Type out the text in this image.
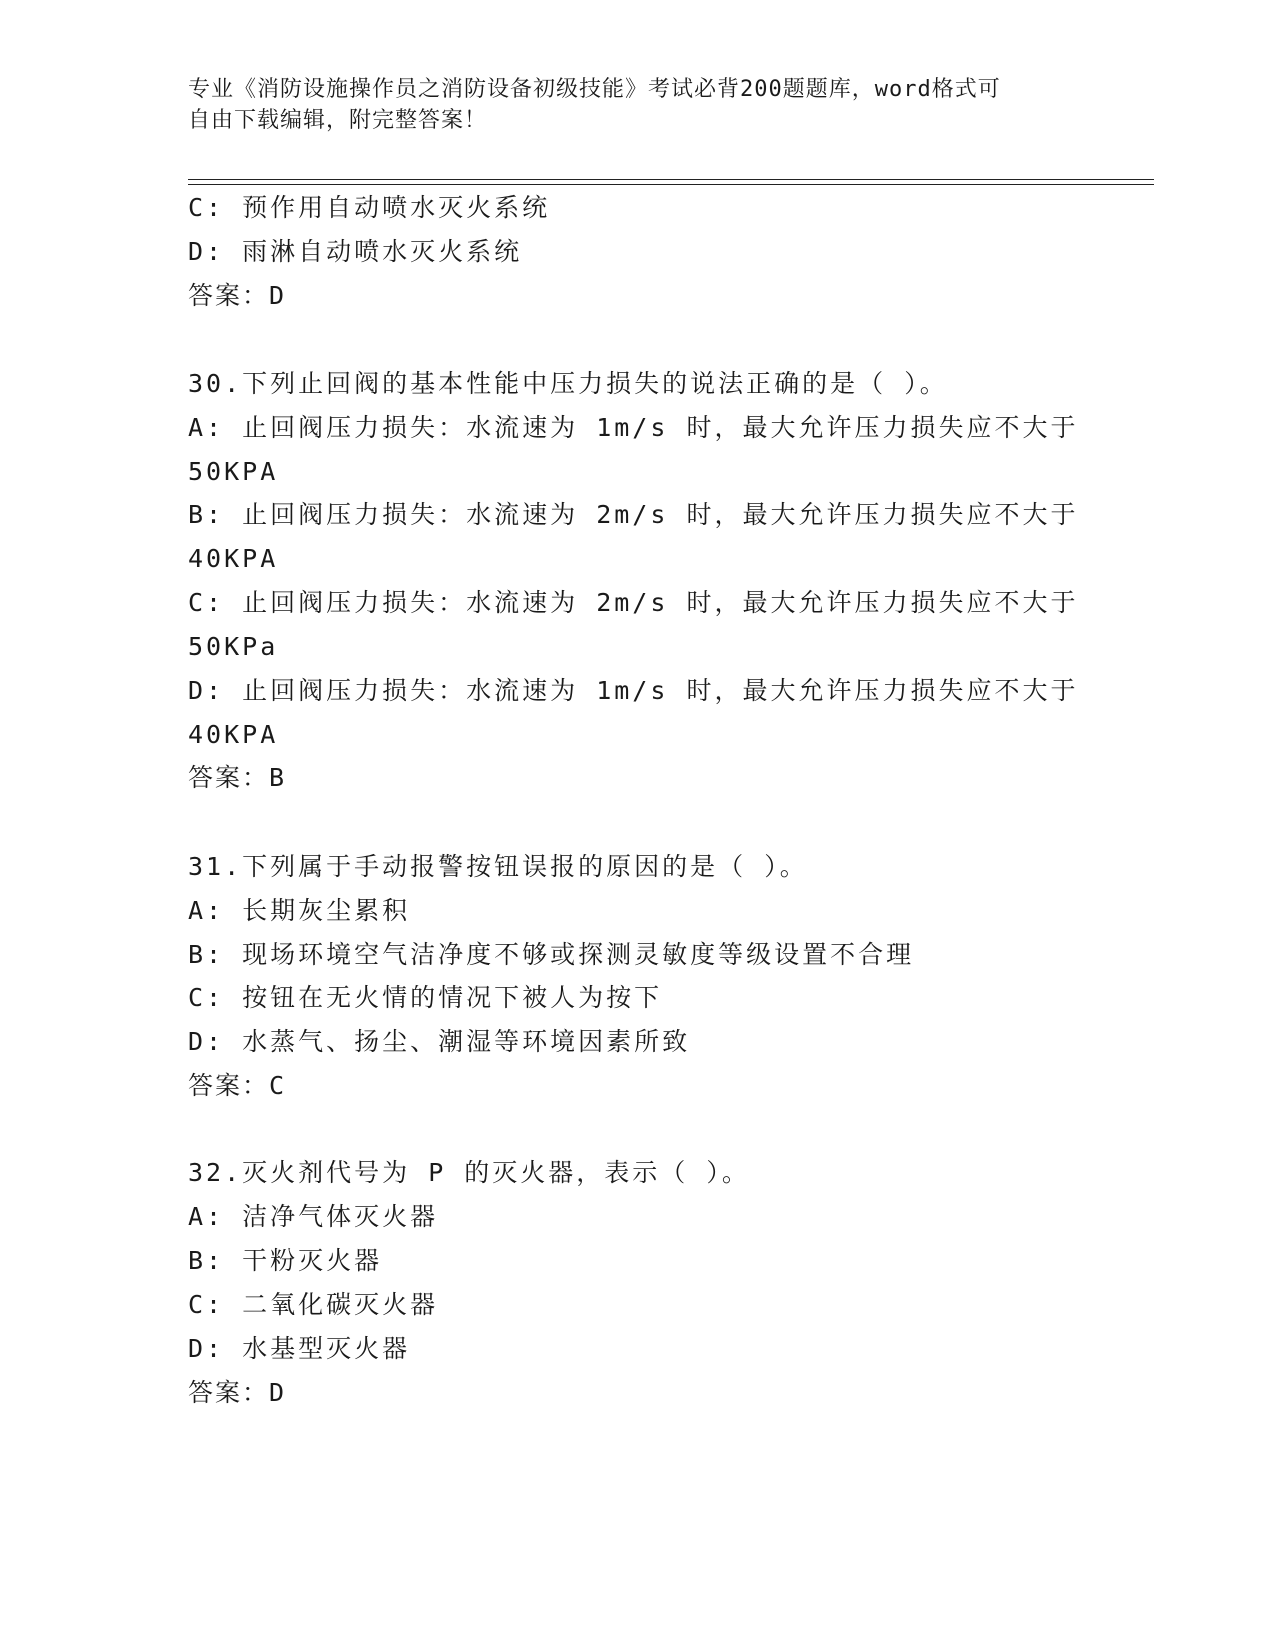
专业《消防设施操作员之消防设备初级技能》考试必背200题题库，word格式可
自由下载编辑，附完整答案！
C: 预作用自动喷水灭火系统
D: 雨淋自动喷水灭火系统
答案：D
30.下列止回阀的基本性能中压力损失的说法正确的是（ ）。
A: 止回阀压力损失：水流速为 1m/s 时，最大允许压力损失应不大于
50KPA
B: 止回阀压力损失：水流速为 2m/s 时，最大允许压力损失应不大于
40KPA
C: 止回阀压力损失：水流速为 2m/s 时，最大允许压力损失应不大于
50KPa
D: 止回阀压力损失：水流速为 1m/s 时，最大允许压力损失应不大于
40KPA
答案：B
31.下列属于手动报警按钮误报的原因的是（ ）。
A: 长期灰尘累积
B: 现场环境空气洁净度不够或探测灵敏度等级设置不合理
C: 按钮在无火情的情况下被人为按下
D: 水蒸气、扬尘、潮湿等环境因素所致
答案：C
32.灭火剂代号为 P 的灭火器，表示（ ）。
A: 洁净气体灭火器
B: 干粉灭火器
C: 二氧化碳灭火器
D: 水基型灭火器
答案：D
